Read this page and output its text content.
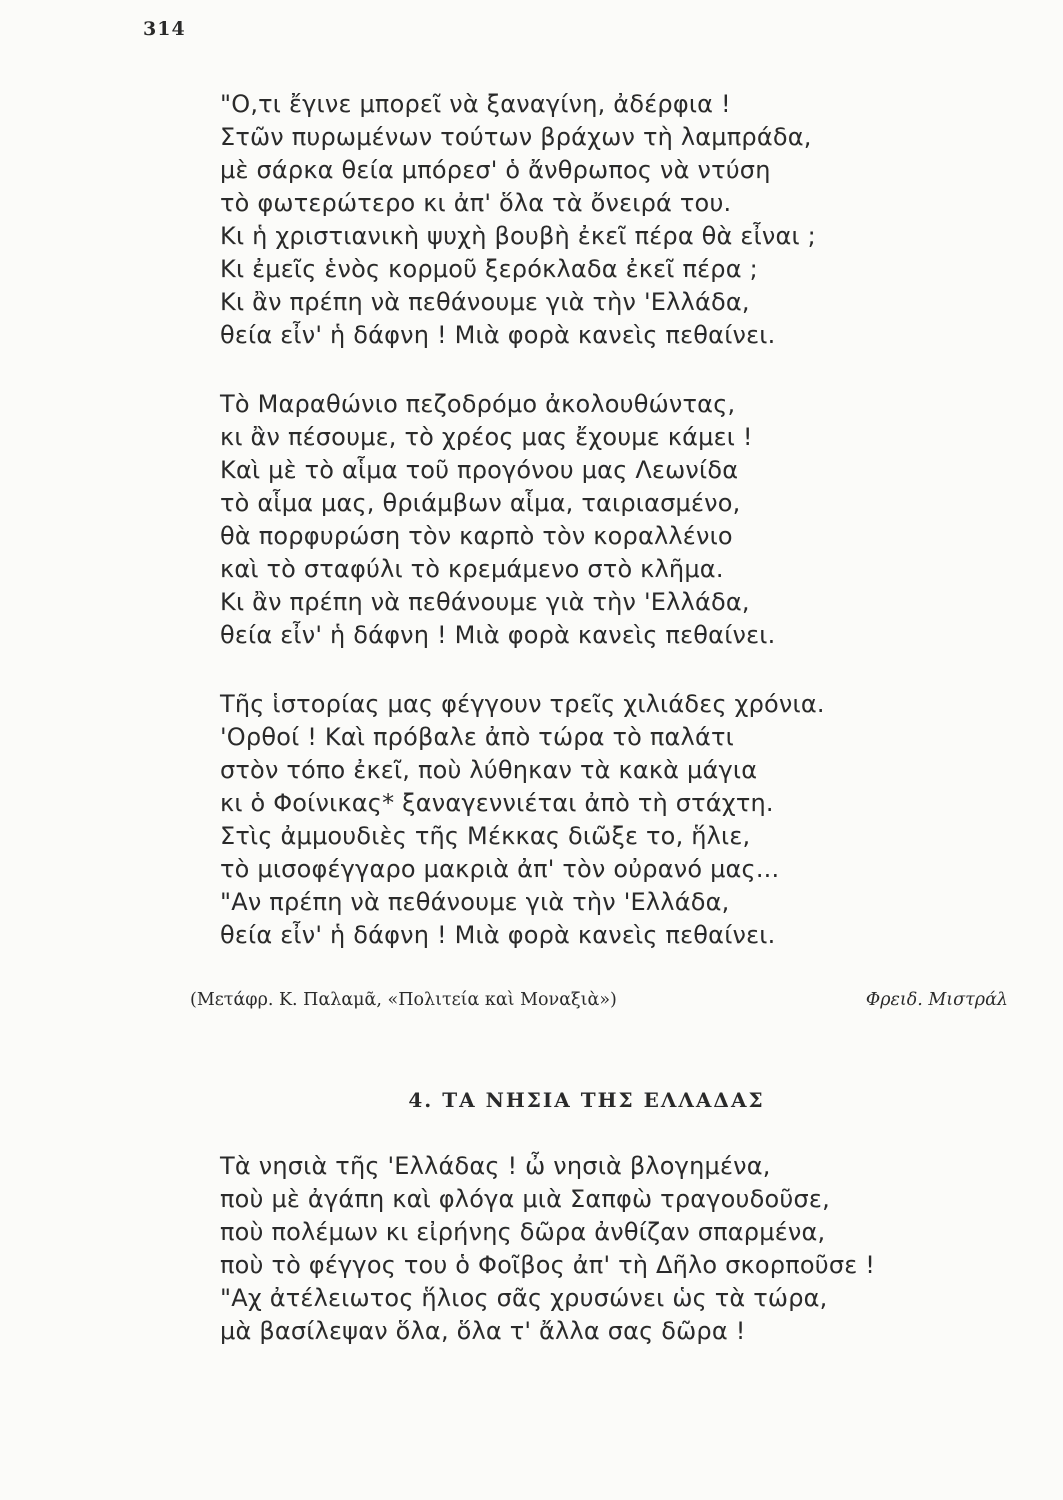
314
"Ο,τι ἔγινε μπορεῖ νὰ ξαναγίνη, ἀδέρφια !
Στῶν πυρωμένων τούτων βράχων τὴ λαμπράδα,
μὲ σάρκα θεία μπόρεσ' ὁ ἄνθρωπος νὰ ντύση
τὸ φωτερώτερο κι ἀπ' ὅλα τὰ ὄνειρά του.
Κι ἡ χριστιανικὴ ψυχὴ βουβὴ ἐκεῖ πέρα θὰ εἶναι ;
Κι ἐμεῖς ἑνὸς κορμοῦ ξερόκλαδα ἐκεῖ πέρα ;
Κι ἂν πρέπη νὰ πεθάνουμε γιὰ τὴν 'Ελλάδα,
θεία εἶν' ἡ δάφνη ! Μιὰ φορὰ κανεὶς πεθαίνει.
Τὸ Μαραθώνιο πεζοδρόμο ἀκολουθώντας,
κι ἂν πέσουμε, τὸ χρέος μας ἔχουμε κάμει !
Καὶ μὲ τὸ αἷμα τοῦ προγόνου μας Λεωνίδα
τὸ αἷμα μας, θριάμβων αἷμα, ταιριασμένο,
θὰ πορφυρώση τὸν καρπὸ τὸν κοραλλένιο
καὶ τὸ σταφύλι τὸ κρεμάμενο στὸ κλῆμα.
Κι ἂν πρέπη νὰ πεθάνουμε γιὰ τὴν 'Ελλάδα,
θεία εἶν' ἡ δάφνη ! Μιὰ φορὰ κανεὶς πεθαίνει.
Τῆς ἱστορίας μας φέγγουν τρεῖς χιλιάδες χρόνια.
'Ορθοί ! Καὶ πρόβαλε ἀπὸ τώρα τὸ παλάτι
στὸν τόπο ἐκεῖ, ποὺ λύθηκαν τὰ κακὰ μάγια
κι ὁ Φοίνικας* ξαναγεννιέται ἀπὸ τὴ στάχτη.
Στὶς ἀμμουδιὲς τῆς Μέκκας διῶξε το, ἥλιε,
τὸ μισοφέγγαρο μακριὰ ἀπ' τὸν οὐρανό μας...
"Αν πρέπη νὰ πεθάνουμε γιὰ τὴν 'Ελλάδα,
θεία εἶν' ἡ δάφνη ! Μιὰ φορὰ κανεὶς πεθαίνει.
(Μετάφρ. Κ. Παλαμᾶ, «Πολιτεία καὶ Μοναξιὰ»)	Φρειδ. Μιστράλ
4. ΤΑ ΝΗΣΙΑ ΤΗΣ ΕΛΛΑΔΑΣ
Τὰ νησιὰ τῆς 'Ελλάδας ! ὦ νησιὰ βλογημένα,
ποὺ μὲ ἀγάπη καὶ φλόγα μιὰ Σαπφὼ τραγουδοῦσε,
ποὺ πολέμων κι εἰρήνης δῶρα ἀνθίζαν σπαρμένα,
ποὺ τὸ φέγγος του ὁ Φοῖβος ἀπ' τὴ Δῆλο σκορποῦσε !
"Αχ ἀτέλειωτος ἥλιος σᾶς χρυσώνει ὡς τὰ τώρα,
μὰ βασίλεψαν ὅλα, ὅλα τ' ἄλλα σας δῶρα !
